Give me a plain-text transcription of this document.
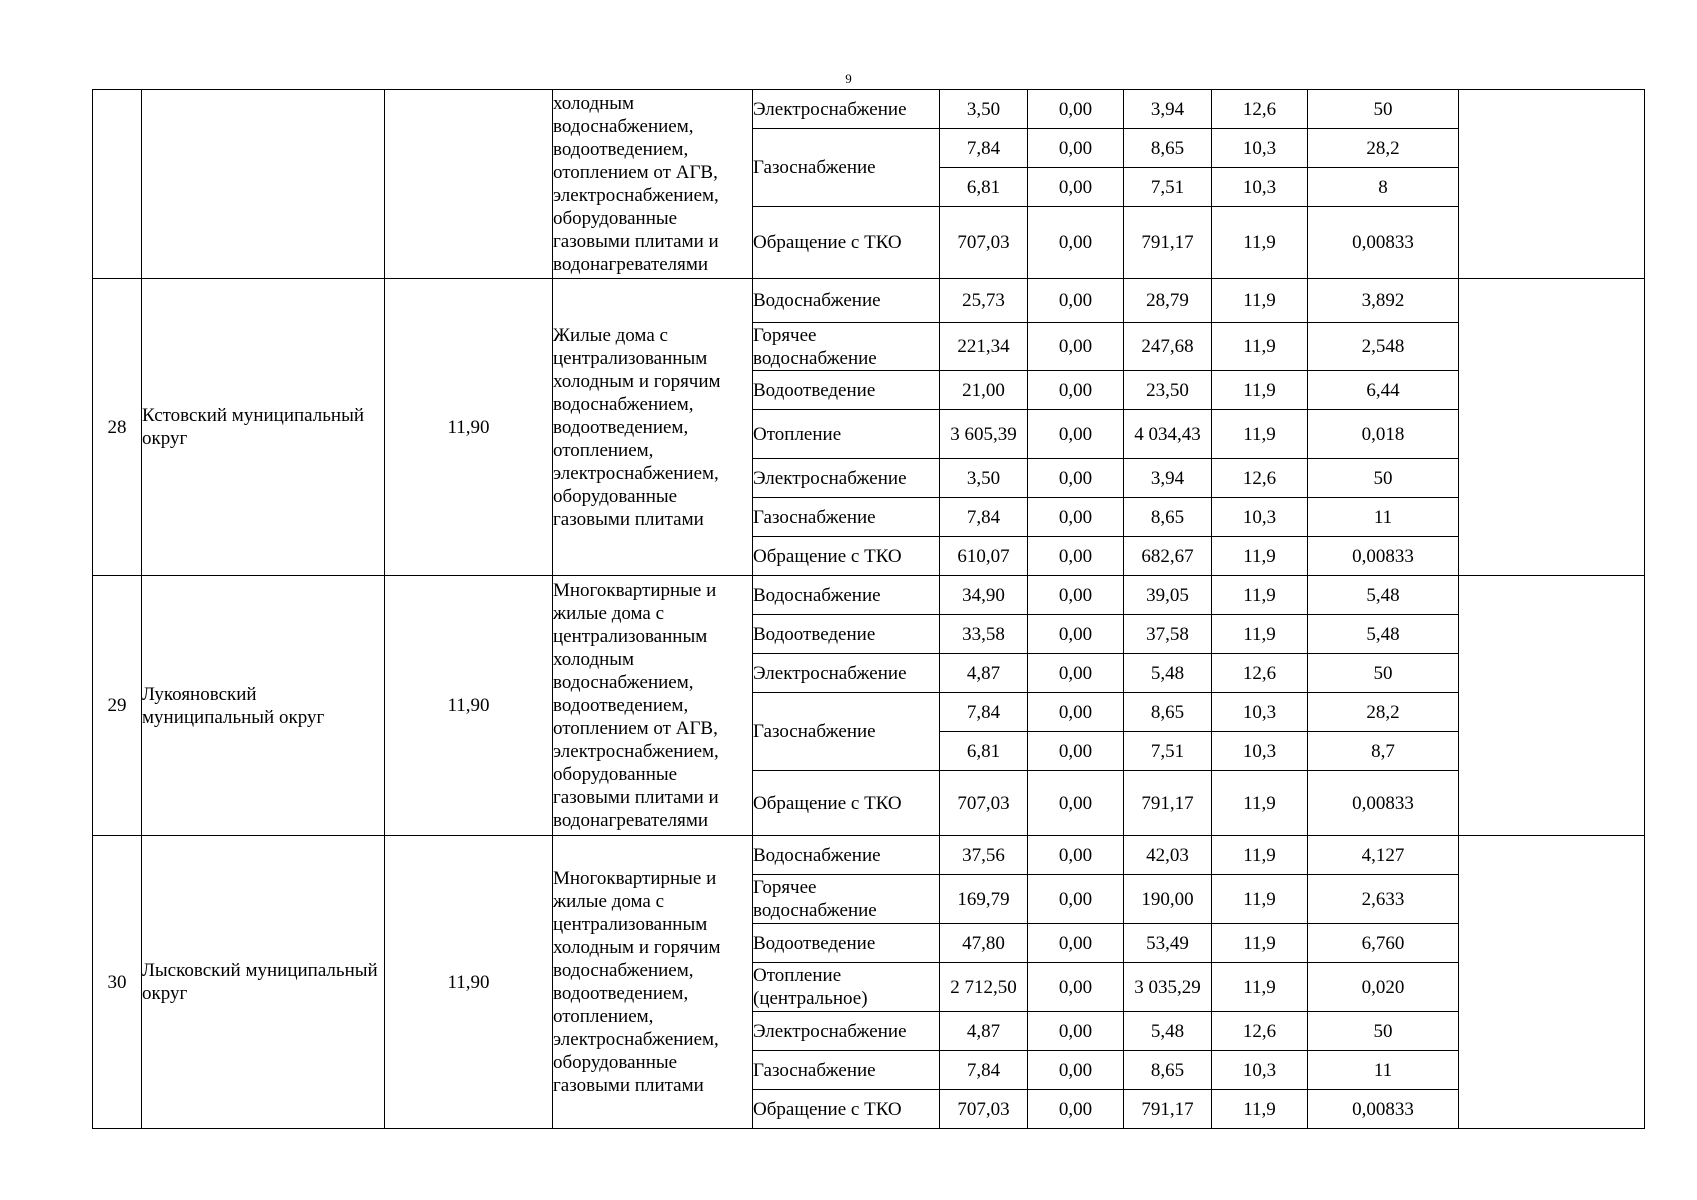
9
			холодным водоснабжением, водоотведением, отоплением от АГВ, электроснабжением, оборудованные газовыми плитами и водонагревателями	Электроснабжение	3,50	0,00	3,94	12,6	50	
				Газоснабжение	7,84	0,00	8,65	10,3	28,2	
					6,81	0,00	7,51	10,3	8	
				Обращение с ТКО	707,03	0,00	791,17	11,9	0,00833	
28	Кстовский муниципальный округ	11,90	Жилые дома с централизованным холодным и горячим водоснабжением, водоотведением, отоплением, электроснабжением, оборудованные газовыми плитами	Водоснабжение	25,73	0,00	28,79	11,9	3,892	
				Горячее водоснабжение	221,34	0,00	247,68	11,9	2,548	
				Водоотведение	21,00	0,00	23,50	11,9	6,44	
				Отопление	3 605,39	0,00	4 034,43	11,9	0,018	
				Электроснабжение	3,50	0,00	3,94	12,6	50	
				Газоснабжение	7,84	0,00	8,65	10,3	11	
				Обращение с ТКО	610,07	0,00	682,67	11,9	0,00833	
29	Лукояновский муниципальный округ	11,90	Многоквартирные и жилые дома с централизованным холодным водоснабжением, водоотведением, отоплением от АГВ, электроснабжением, оборудованные газовыми плитами и водонагревателями	Водоснабжение	34,90	0,00	39,05	11,9	5,48	
				Водоотведение	33,58	0,00	37,58	11,9	5,48	
				Электроснабжение	4,87	0,00	5,48	12,6	50	
				Газоснабжение	7,84	0,00	8,65	10,3	28,2	
					6,81	0,00	7,51	10,3	8,7	
				Обращение с ТКО	707,03	0,00	791,17	11,9	0,00833	
30	Лысковский муниципальный округ	11,90	Многоквартирные и жилые дома с централизованным холодным и горячим водоснабжением, водоотведением, отоплением, электроснабжением, оборудованные газовыми плитами	Водоснабжение	37,56	0,00	42,03	11,9	4,127	
				Горячее водоснабжение	169,79	0,00	190,00	11,9	2,633	
				Водоотведение	47,80	0,00	53,49	11,9	6,760	
				Отопление (центральное)	2 712,50	0,00	3 035,29	11,9	0,020	
				Электроснабжение	4,87	0,00	5,48	12,6	50	
				Газоснабжение	7,84	0,00	8,65	10,3	11	
				Обращение с ТКО	707,03	0,00	791,17	11,9	0,00833	
